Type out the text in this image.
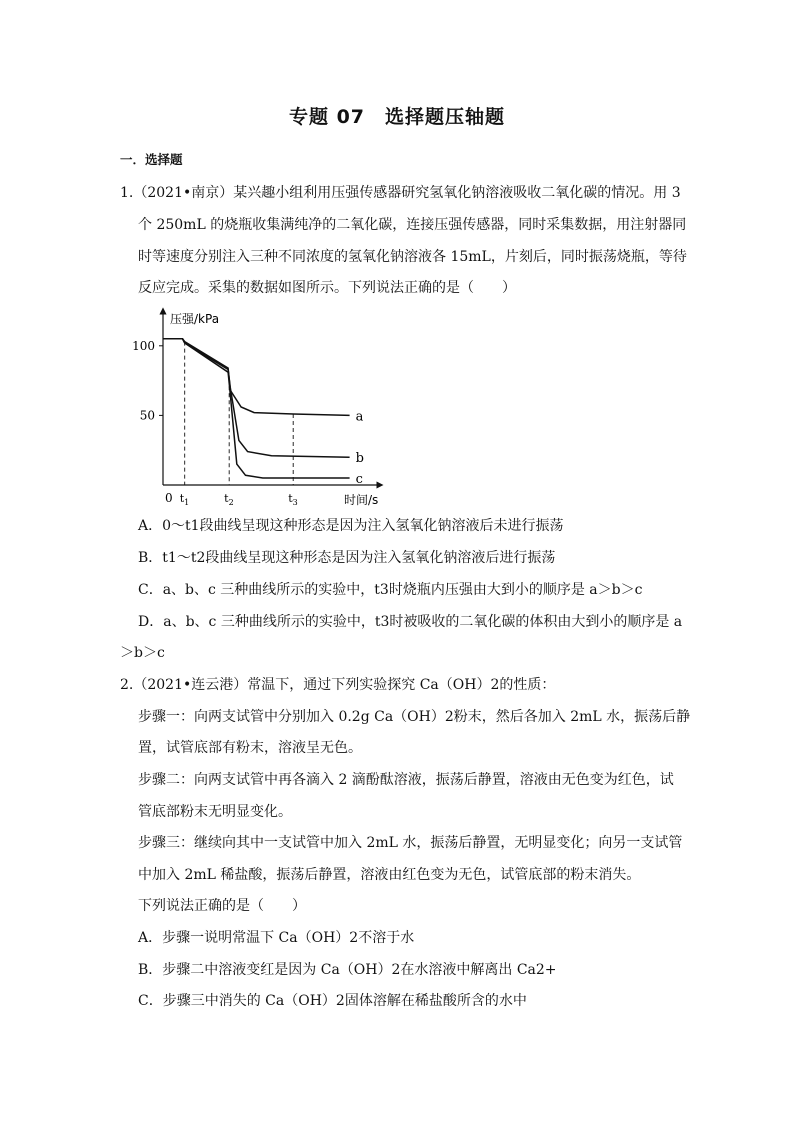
专题 07　选择题压轴题
一．选择题
1.（2021•南京）某兴趣小组利用压强传感器研究氢氧化钠溶液吸收二氧化碳的情况。用 3
个 250mL 的烧瓶收集满纯净的二氧化碳，连接压强传感器，同时采集数据，用注射器同
时等速度分别注入三种不同浓度的氢氧化钠溶液各 15mL，片刻后，同时振荡烧瓶，等待
反应完成。采集的数据如图所示。下列说法正确的是（　　）
压强/kPa
时间/s
0
100
50
$t_1$	$t_2$	$t_3$
a
b
c
A．0～t1段曲线呈现这种形态是因为注入氢氧化钠溶液后未进行振荡
B．t1～t2段曲线呈现这种形态是因为注入氢氧化钠溶液后进行振荡
C．a、b、c 三种曲线所示的实验中，t3时烧瓶内压强由大到小的顺序是 a＞b＞c
D．a、b、c 三种曲线所示的实验中，t3时被吸收的二氧化碳的体积由大到小的顺序是 a
＞b＞c
2.（2021•连云港）常温下，通过下列实验探究 Ca（OH）2的性质：
步骤一：向两支试管中分别加入 0.2g Ca（OH）2粉末，然后各加入 2mL 水，振荡后静
置，试管底部有粉末，溶液呈无色。
步骤二：向两支试管中再各滴入 2 滴酚酞溶液，振荡后静置，溶液由无色变为红色，试
管底部粉末无明显变化。
步骤三：继续向其中一支试管中加入 2mL 水，振荡后静置，无明显变化；向另一支试管
中加入 2mL 稀盐酸，振荡后静置，溶液由红色变为无色，试管底部的粉末消失。
下列说法正确的是（　　）
A．步骤一说明常温下 Ca（OH）2不溶于水
B．步骤二中溶液变红是因为 Ca（OH）2在水溶液中解离出 Ca2+
C．步骤三中消失的 Ca（OH）2固体溶解在稀盐酸所含的水中
